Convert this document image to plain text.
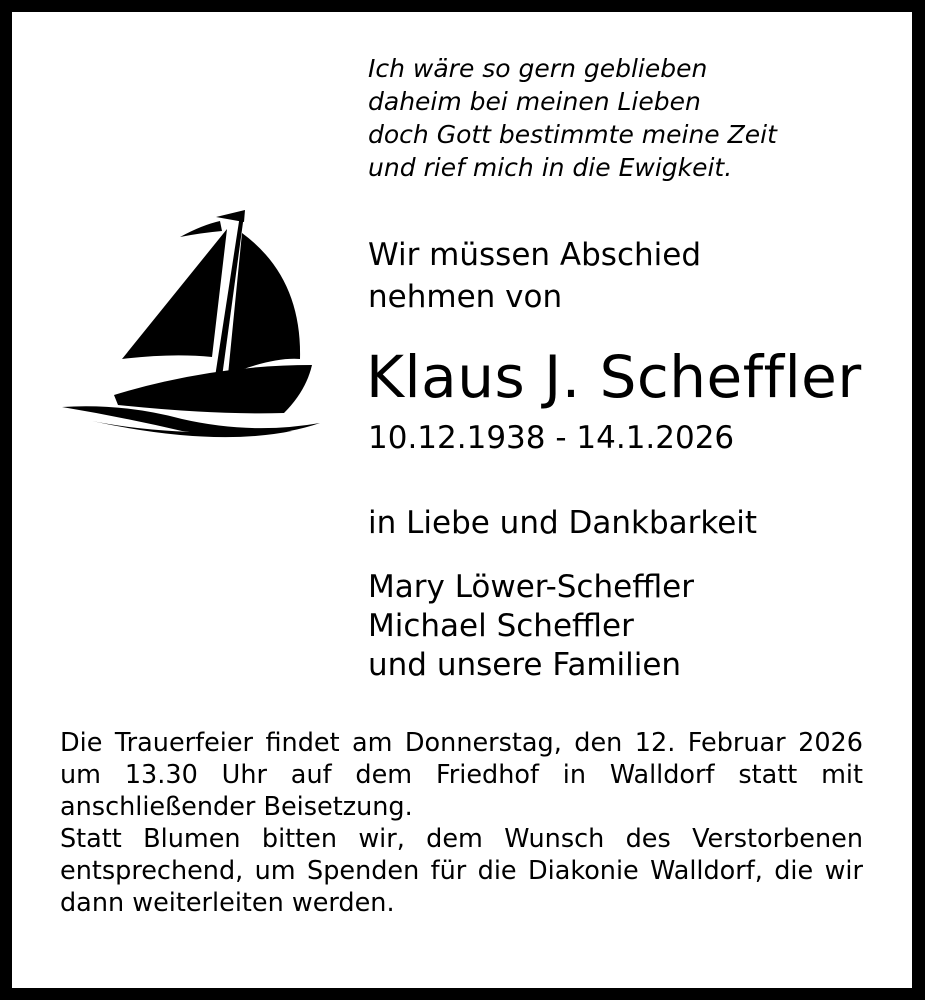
Ich wäre so gern geblieben
daheim bei meinen Lieben
doch Gott bestimmte meine Zeit
und rief mich in die Ewigkeit.
Wir müssen Abschied
nehmen von
Klaus J. Scheffler
10.12.1938 - 14.1.2026
in Liebe und Dankbarkeit
Mary Löwer-Scheffler
Michael Scheffler
und unsere Familien

Die Trauerfeier findet am Donnerstag, den 12. Februar 2026 um 13.30 Uhr auf dem Friedhof in Walldorf statt mit anschließender Beisetzung.

Statt Blumen bitten wir, dem Wunsch des Verstorbenen entsprechend, um Spenden für die Diakonie Walldorf, die wir dann weiterleiten werden.
